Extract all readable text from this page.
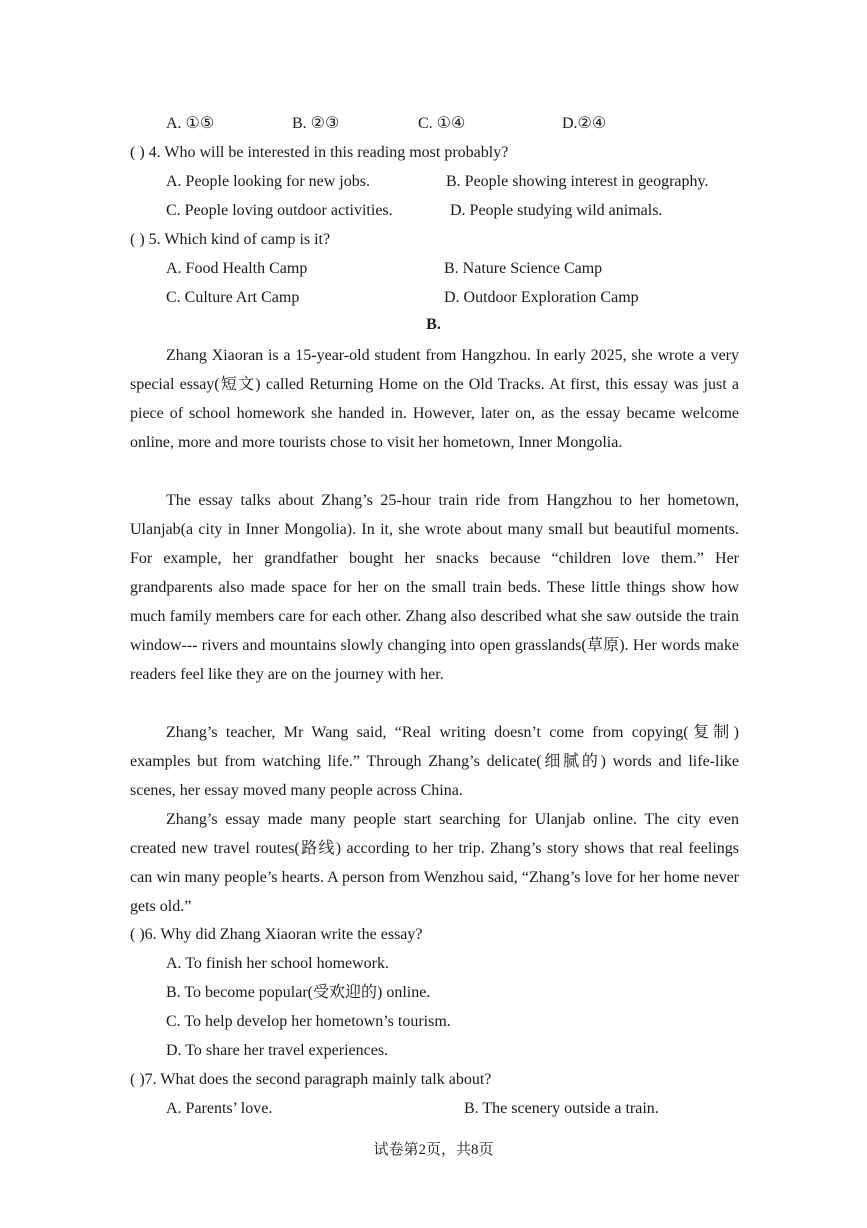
A. ①⑤	B. ②③	C. ①④	D.②④
( ) 4. Who will be interested in this reading most probably?
A. People looking for new jobs.	B. People showing interest in geography.
C. People loving outdoor activities.	D. People studying wild animals.
( ) 5. Which kind of camp is it?
A. Food Health Camp	B. Nature Science Camp
C. Culture Art Camp	D. Outdoor Exploration Camp
B.
Zhang Xiaoran is a 15-year-old student from Hangzhou. In early 2025, she wrote a very special essay(短文) called Returning Home on the Old Tracks. At first, this essay was just a piece of school homework she handed in. However, later on, as the essay became welcome online, more and more tourists chose to visit her hometown, Inner Mongolia.
The essay talks about Zhang’s 25-hour train ride from Hangzhou to her hometown, Ulanjab(a city in Inner Mongolia). In it, she wrote about many small but beautiful moments. For example, her grandfather bought her snacks because “children love them.” Her grandparents also made space for her on the small train beds. These little things show how much family members care for each other. Zhang also described what she saw outside the train window--- rivers and mountains slowly changing into open grasslands(草原). Her words make readers feel like they are on the journey with her.
Zhang’s teacher, Mr Wang said, “Real writing doesn’t come from copying(复制) examples but from watching life.” Through Zhang’s delicate(细腻的) words and life-like scenes, her essay moved many people across China.
Zhang’s essay made many people start searching for Ulanjab online. The city even created new travel routes(路线) according to her trip. Zhang’s story shows that real feelings can win many people’s hearts. A person from Wenzhou said, “Zhang’s love for her home never gets old.”
( )6. Why did Zhang Xiaoran write the essay?
A. To finish her school homework.
B. To become popular(受欢迎的) online.
C. To help develop her hometown’s tourism.
D. To share her travel experiences.
( )7. What does the second paragraph mainly talk about?
A. Parents’ love.	B. The scenery outside a train.
试卷第2页，共8页
